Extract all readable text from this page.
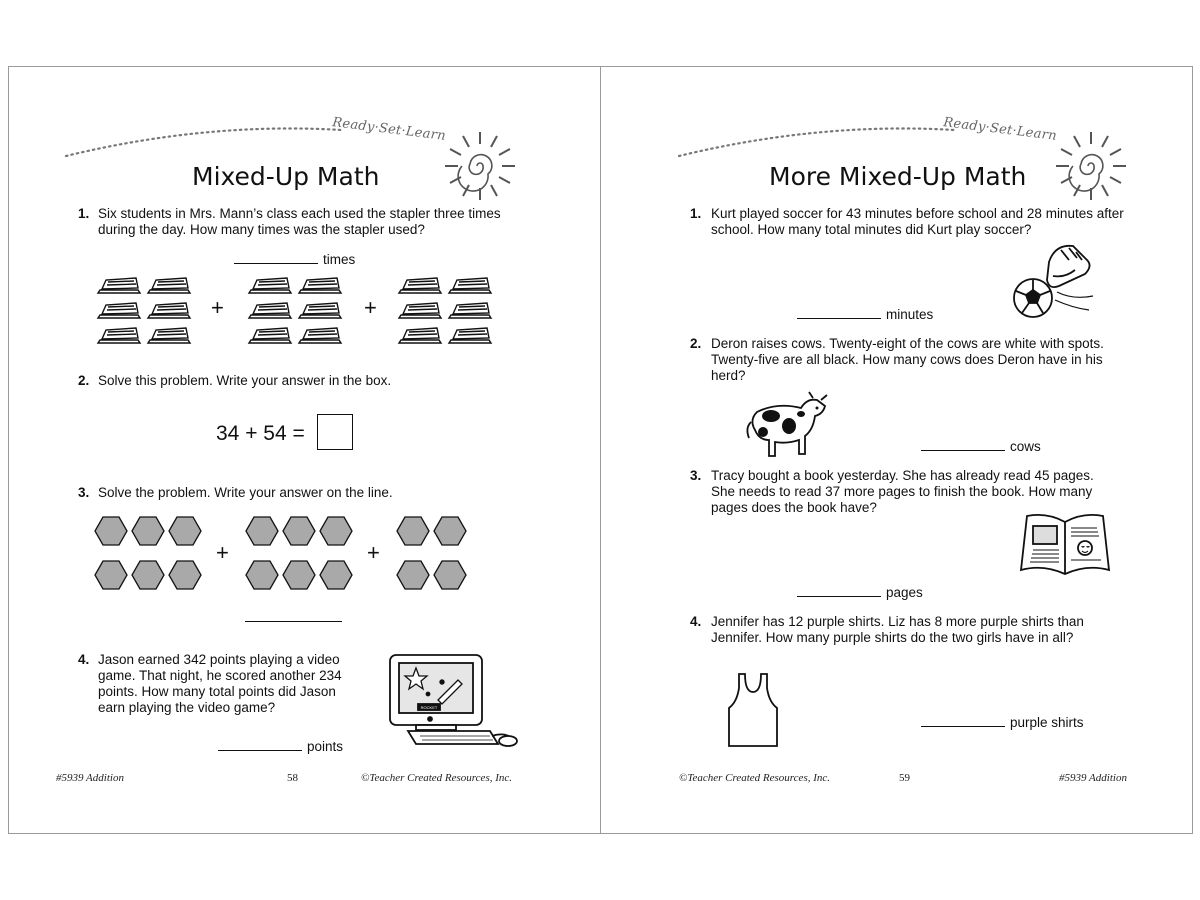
Ready·Set·Learn
Mixed-Up Math
1. Six students in Mrs. Mann’s class each used the stapler three times
during the day. How many times was the stapler used?
times
+	+
2. Solve this problem. Write your answer in the box.
34 + 54 =
3. Solve the problem. Write your answer on the line.
+	+
4. Jason earned 342 points playing a video
game. That night, he scored another 234
points. How many total points did Jason
earn playing the video game?
points
ROCKET
#5939 Addition	58	©Teacher Created Resources, Inc.
Ready·Set·Learn
More Mixed-Up Math
1. Kurt played soccer for 43 minutes before school and 28 minutes after
school. How many total minutes did Kurt play soccer?
minutes
2. Deron raises cows. Twenty-eight of the cows are white with spots.
Twenty-five are all black. How many cows does Deron have in his
herd?
cows
3. Tracy bought a book yesterday. She has already read 45 pages.
She needs to read 37 more pages to finish the book. How many
pages does the book have?
pages
4. Jennifer has 12 purple shirts. Liz has 8 more purple shirts than
Jennifer. How many purple shirts do the two girls have in all?
purple shirts
©Teacher Created Resources, Inc.	59	#5939 Addition
